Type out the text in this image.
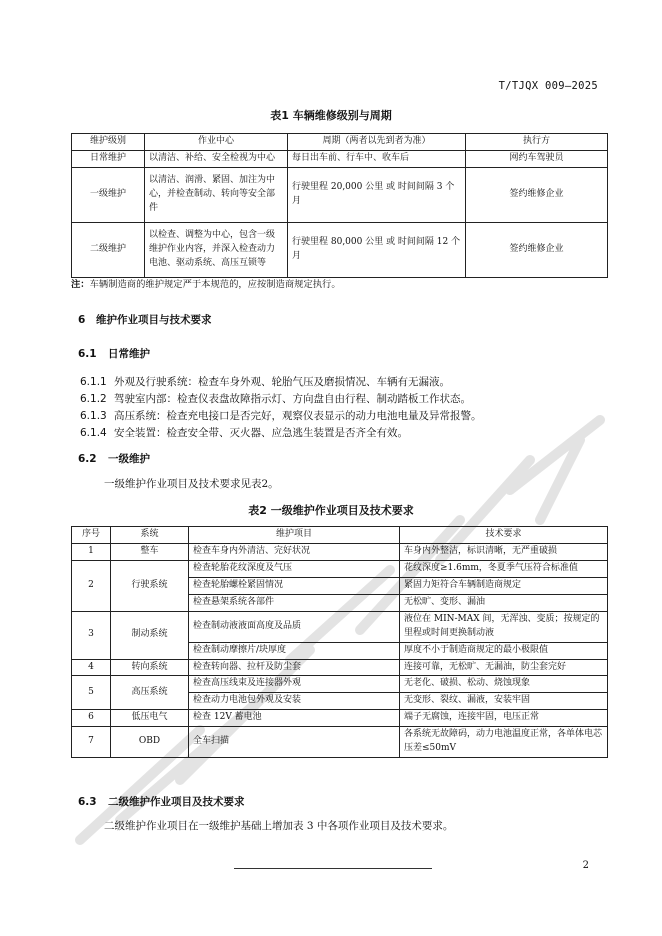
T/TJQX 009—2025
表1 车辆维修级别与周期
维护级别	作业中心	周期（两者以先到者为准）	执行方
日常维护	以清洁、补给、安全检视为中心	每日出车前、行车中、收车后	网约车驾驶员
一级维护	以清洁、润滑、紧固、加注为中心，并检查制动、转向等安全部件	行驶里程 20,000 公里 或 时间间隔 3 个月	签约维修企业
二级维护	以检查、调整为中心，包含一级维护作业内容，并深入检查动力电池、驱动系统、高压互锁等	行驶里程 80,000 公里 或 时间间隔 12 个月	签约维修企业
注：车辆制造商的维护规定严于本规范的，应按制造商规定执行。
6 维护作业项目与技术要求
6.1 日常维护
6.1.1 外观及行驶系统：检查车身外观、轮胎气压及磨损情况、车辆有无漏液。
6.1.2 驾驶室内部：检查仪表盘故障指示灯、方向盘自由行程、制动踏板工作状态。
6.1.3 高压系统：检查充电接口是否完好，观察仪表显示的动力电池电量及异常报警。
6.1.4 安全装置：检查安全带、灭火器、应急逃生装置是否齐全有效。
6.2 一级维护
一级维护作业项目及技术要求见表2。
表2 一级维护作业项目及技术要求
序号	系统	维护项目	技术要求
1	整车	检查车身内外清洁、完好状况	车身内外整洁，标识清晰，无严重破损
2	行驶系统	检查轮胎花纹深度及气压	花纹深度≥1.6mm，冬夏季气压符合标准值
		检查轮胎螺栓紧固情况	紧固力矩符合车辆制造商规定
		检查悬架系统各部件	无松旷、变形、漏油
3	制动系统	检查制动液液面高度及品质	液位在 MIN-MAX 间，无浑浊、变质；按规定的里程或时间更换制动液
		检查制动摩擦片/块厚度	厚度不小于制造商规定的最小极限值
4	转向系统	检查转向器、拉杆及防尘套	连接可靠，无松旷、无漏油，防尘套完好
5	高压系统	检查高压线束及连接器外观	无老化、破损、松动、烧蚀现象
		检查动力电池包外观及安装	无变形、裂纹、漏液，安装牢固
6	低压电气	检查 12V 蓄电池	端子无腐蚀，连接牢固，电压正常
7	OBD	全车扫描	各系统无故障码，动力电池温度正常，各单体电芯压差≤50mV
6.3 二级维护作业项目及技术要求
二级维护作业项目在一级维护基础上增加表 3 中各项作业项目及技术要求。
2
